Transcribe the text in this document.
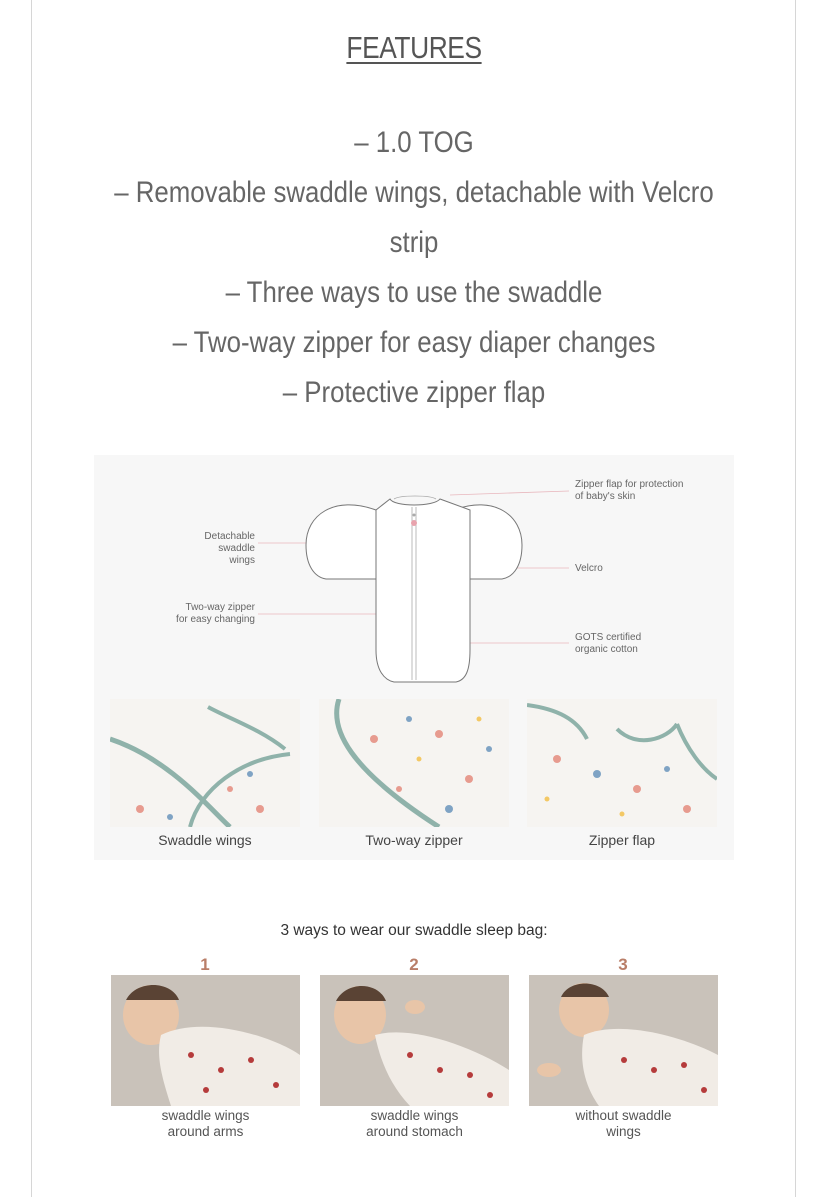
FEATURES
– 1.0 TOG
– Removable swaddle wings, detachable with Velcro
strip
– Three ways to use the swaddle
– Two-way zipper for easy diaper changes
– Protective zipper flap
Detachable
swaddle wings
Two-way zipper
for easy changing
Zipper flap for protection
of baby's skin
Velcro
GOTS certified
organic cotton
Swaddle wings	Two-way zipper	Zipper flap
3 ways to wear our swaddle sleep bag:
1	2	3
swaddle wings
around arms
swaddle wings
around stomach
without swaddle
wings
